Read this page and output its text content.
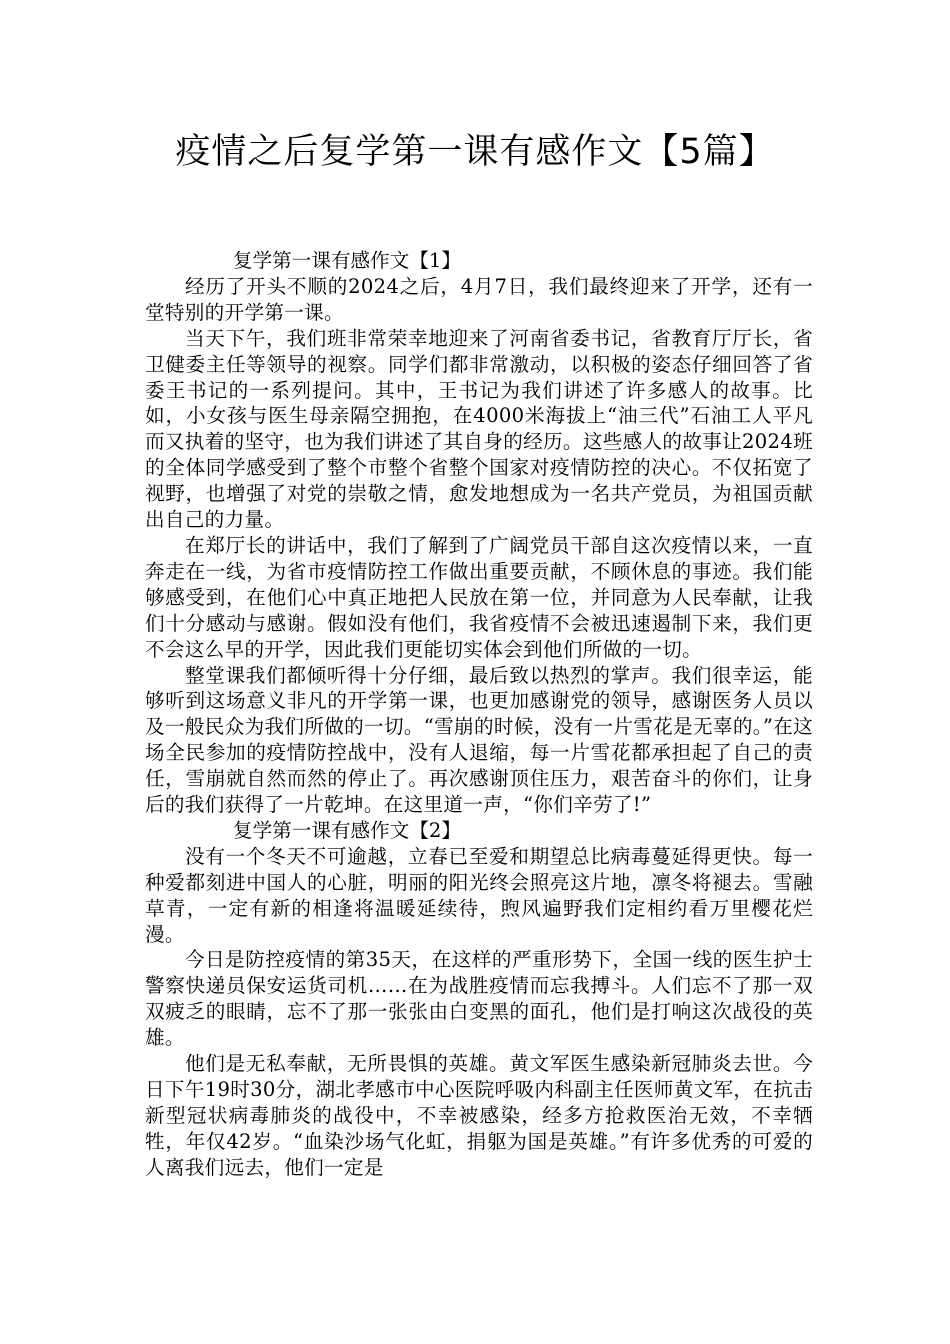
疫情之后复学第一课有感作文【5篇】
复学第一课有感作文【1】

经历了开头不顺的2024之后，4月7日，我们最终迎来了开学，还有一堂特别的开学第一课。

当天下午，我们班非常荣幸地迎来了河南省委书记，省教育厅厅长，省卫健委主任等领导的视察。同学们都非常激动，以积极的姿态仔细回答了省委王书记的一系列提问。其中，王书记为我们讲述了许多感人的故事。比如，小女孩与医生母亲隔空拥抱，在4000米海拔上“油三代”石油工人平凡而又执着的坚守，也为我们讲述了其自身的经历。这些感人的故事让2024班的全体同学感受到了整个市整个省整个国家对疫情防控的决心。不仅拓宽了视野，也增强了对党的崇敬之情，愈发地想成为一名共产党员，为祖国贡献出自己的力量。

在郑厅长的讲话中，我们了解到了广阔党员干部自这次疫情以来，一直奔走在一线，为省市疫情防控工作做出重要贡献，不顾休息的事迹。我们能够感受到，在他们心中真正地把人民放在第一位，并同意为人民奉献，让我们十分感动与感谢。假如没有他们，我省疫情不会被迅速遏制下来，我们更不会这么早的开学，因此我们更能切实体会到他们所做的一切。

整堂课我们都倾听得十分仔细，最后致以热烈的掌声。我们很幸运，能够听到这场意义非凡的开学第一课，也更加感谢党的领导，感谢医务人员以及一般民众为我们所做的一切。“雪崩的时候，没有一片雪花是无辜的。”在这场全民参加的疫情防控战中，没有人退缩，每一片雪花都承担起了自己的责任，雪崩就自然而然的停止了。再次感谢顶住压力，艰苦奋斗的你们，让身后的我们获得了一片乾坤。在这里道一声，“你们辛劳了!”

复学第一课有感作文【2】

没有一个冬天不可逾越，立春已至爱和期望总比病毒蔓延得更快。每一种爱都刻进中国人的心脏，明丽的阳光终会照亮这片地，凛冬将褪去。雪融草青，一定有新的相逢将温暖延续待，煦风遍野我们定相约看万里樱花烂漫。

今日是防控疫情的第35天，在这样的严重形势下，全国一线的医生护士警察快递员保安运货司机……在为战胜疫情而忘我搏斗。人们忘不了那一双双疲乏的眼睛，忘不了那一张张由白变黑的面孔，他们是打响这次战役的英雄。

他们是无私奉献，无所畏惧的英雄。黄文军医生感染新冠肺炎去世。今日下午19时30分，湖北孝感市中心医院呼吸内科副主任医师黄文军，在抗击新型冠状病毒肺炎的战役中，不幸被感染，经多方抢救医治无效，不幸牺牲，年仅42岁。“血染沙场气化虹，捐躯为国是英雄。”有许多优秀的可爱的人离我们远去，他们一定是
